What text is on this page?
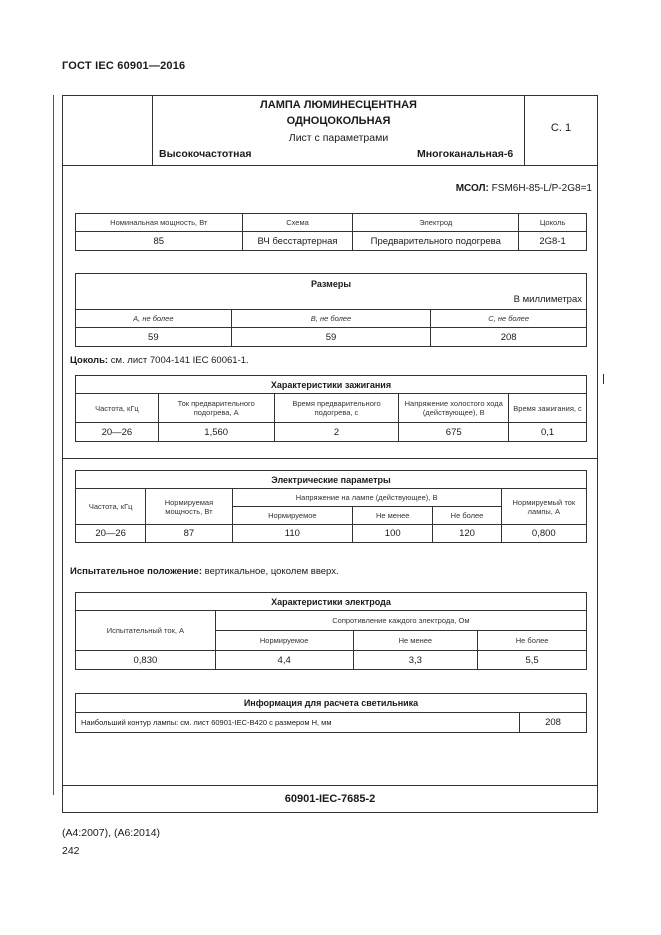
ГОСТ IEC 60901—2016
ЛАМПА ЛЮМИНЕСЦЕНТНАЯ
ОДНОЦОКОЛЬНАЯ
Лист с параметрами
Высокочастотная	Многоканальная-6
С. 1
МСОЛ: FSM6H-85-L/P-2G8=1
Номинальная мощность, Вт	Схема	Электрод	Цоколь
85	ВЧ бесстартерная	Предварительного подогрева	2G8-1
Размеры
В миллиметрах		

A, не более	B, не более	C, не более
59	59	208
Цоколь: см. лист 7004-141 IEC 60061-1.
Характеристики зажигания				
Частота, кГц	Ток предварительного подогрева, А	Время предварительного подогрева, с	Напряжение холостого хода (действующее), В	Время зажигания, с
20—26	1,560	2	675	0,1
Электрические параметры					
Частота, кГц	Нормируемая мощность, Вт	Напряжение на лампе (действующее), В			Нормируемый ток лампы, А
		Нормируемое	Не менее	Не более	
20—26	87	110	100	120	0,800
Испытательное положение: вертикальное, цоколем вверх.
Характеристики электрода			
Испытательный ток, А	Сопротивление каждого электрода, Ом		
	Нормируемое	Не менее	Не более
0,830	4,4	3,3	5,5
Информация для расчета светильника
Наибольший контур лампы: см. лист 60901-IEC-B420 с размером H, мм	208
60901-IEC-7685-2
(A4:2007), (A6:2014)
242
